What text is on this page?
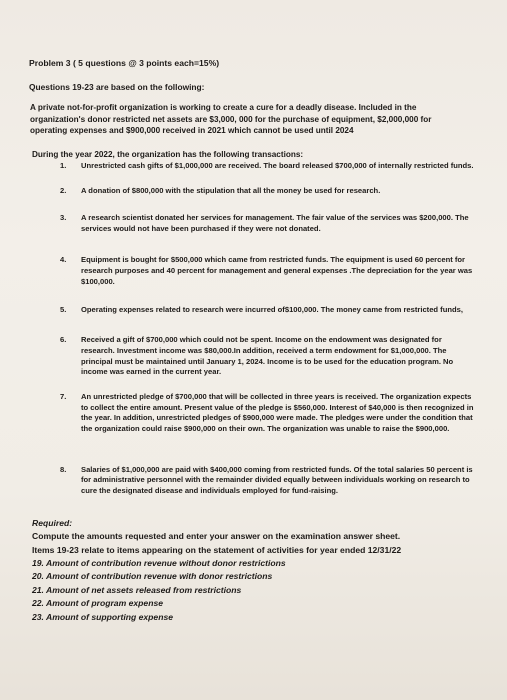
Problem 3 ( 5 questions @ 3 points each=15%)
Questions 19-23 are based on the following:
A private not-for-profit organization is working to create a cure for a deadly disease. Included in the organization's donor restricted net assets are $3,000, 000 for the purchase of equipment, $2,000,000 for operating expenses and $900,000 received in 2021 which cannot be used until 2024
During the year 2022, the organization has the following transactions:
1. Unrestricted cash gifts of $1,000,000 are received. The board released $700,000 of internally restricted funds.
2. A donation of $800,000 with the stipulation that all the money be used for research.
3. A research scientist donated her services for management. The fair value of the services was $200,000. The services would not have been purchased if they were not donated.
4. Equipment is bought for $500,000 which came from restricted funds. The equipment is used 60 percent for research purposes and 40 percent for management and general expenses .The depreciation for the year was $100,000.
5. Operating expenses related to research were incurred of$100,000. The money came from restricted funds,
6. Received a gift of $700,000 which could not be spent. Income on the endowment was designated for research. Investment income was $80,000.In addition, received a term endowment for $1,000,000. The principal must be maintained until January 1, 2024. Income is to be used for the education program. No income was earned in the current year.
7. An unrestricted pledge of $700,000 that will be collected in three years is received. The organization expects to collect the entire amount. Present value of the pledge is $560,000. Interest of $40,000 is then recognized in the year. In addition, unrestricted pledges of $900,000 were made. The pledges were under the condition that the organization could raise $900,000 on their own. The organization was unable to raise the $900,000.
8. Salaries of $1,000,000 are paid with $400,000 coming from restricted funds. Of the total salaries 50 percent is for administrative personnel with the remainder divided equally between individuals working on research to cure the designated disease and individuals employed for fund-raising.
Required:
Compute the amounts requested and enter your answer on the examination answer sheet.
Items 19-23 relate to items appearing on the statement of activities for year ended 12/31/22
19. Amount of contribution revenue without donor restrictions
20. Amount of contribution revenue with donor restrictions
21. Amount of net assets released from restrictions
22. Amount of program expense
23. Amount of supporting expense
